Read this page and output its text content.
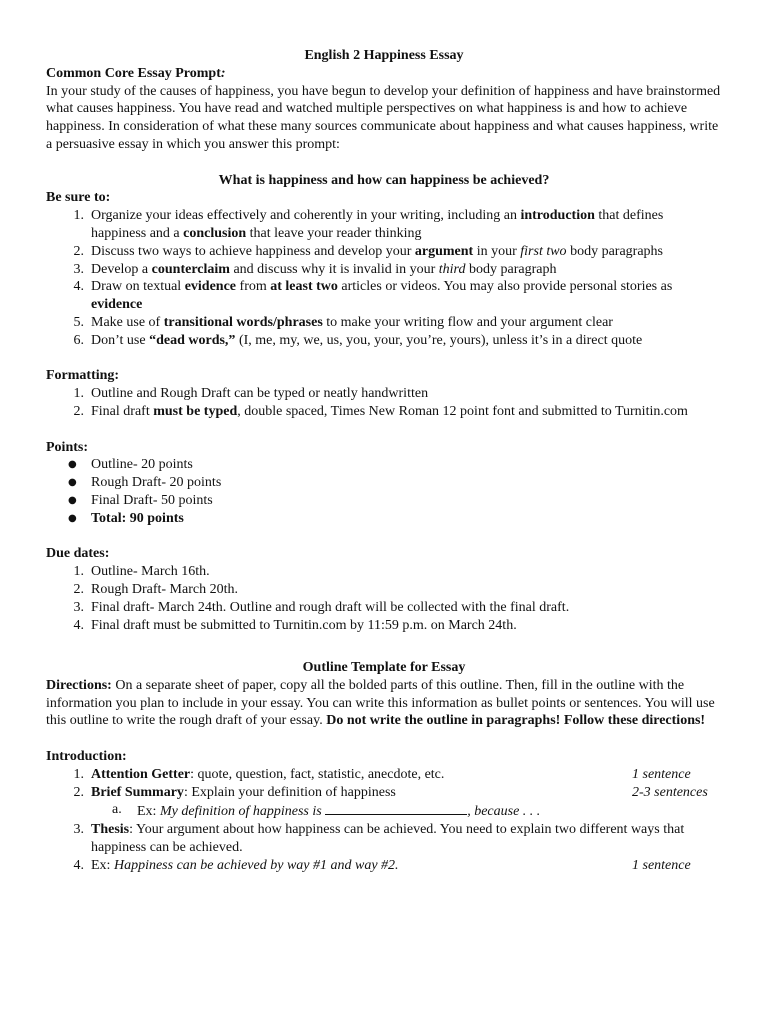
English 2 Happiness Essay

Common Core Essay Prompt:

In your study of the causes of happiness, you have begun to develop your definition of happiness and have brainstormed what causes happiness. You have read and watched multiple perspectives on what happiness is and how to achieve happiness. In consideration of what these many sources communicate about happiness and what causes happiness, write a persuasive essay in which you answer this prompt:

What is happiness and how can happiness be achieved?

Be sure to:

1. Organize your ideas effectively and coherently in your writing, including an introduction that defines happiness and a conclusion that leave your reader thinking
2. Discuss two ways to achieve happiness and develop your argument in your first two body paragraphs
3. Develop a counterclaim and discuss why it is invalid in your third body paragraph
4. Draw on textual evidence from at least two articles or videos. You may also provide personal stories as evidence
5. Make use of transitional words/phrases to make your writing flow and your argument clear
6. Don’t use “dead words,” (I, me, my, we, us, you, your, you’re, yours), unless it’s in a direct quote

Formatting:

1. Outline and Rough Draft can be typed or neatly handwritten
2. Final draft must be typed, double spaced, Times New Roman 12 point font and submitted to Turnitin.com

Points:

● Outline- 20 points
● Rough Draft- 20 points
● Final Draft- 50 points
● Total: 90 points

Due dates:

1. Outline- March 16th.
2. Rough Draft- March 20th.
3. Final draft- March 24th. Outline and rough draft will be collected with the final draft.
4. Final draft must be submitted to Turnitin.com by 11:59 p.m. on March 24th.

Outline Template for Essay

Directions: On a separate sheet of paper, copy all the bolded parts of this outline. Then, fill in the outline with the information you plan to include in your essay. You can write this information as bullet points or sentences. You will use this outline to write the rough draft of your essay. Do not write the outline in paragraphs! Follow these directions!

Introduction:

1. Attention Getter: quote, question, fact, statistic, anecdote, etc.	1 sentence
2. Brief Summary: Explain your definition of happiness	2-3 sentences
a. Ex: My definition of happiness is	, because . . .
3. Thesis: Your argument about how happiness can be achieved. You need to explain two different ways that happiness can be achieved.
4. Ex: Happiness can be achieved by way #1 and way #2.	1 sentence
